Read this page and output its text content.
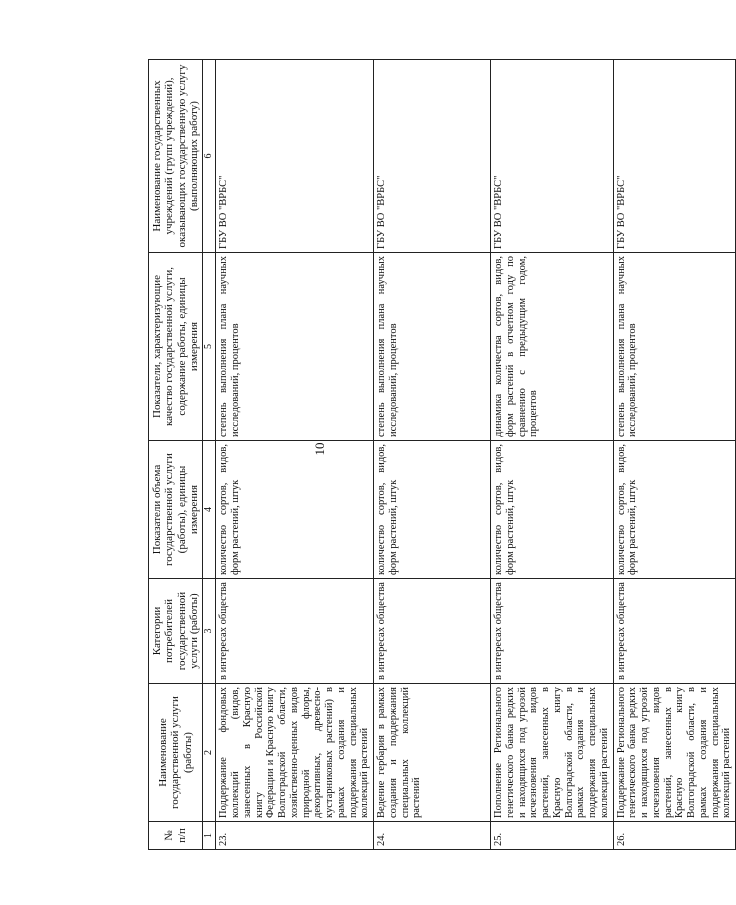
10
№ п/п	Наименование государственной услуги (работы)	Категории потребителей государственной услуги (работы)	Показатели объема государственной услуги (работы), единицы измерения	Показатели, характеризующие качество государственной услуги, содержание работы, единицы измерения	Наименование государственных учреждений (групп учреждений), оказывающих государственную услугу (выполняющих работу)
1	2	3	4	5	6
23.	Поддержание фондовых коллекций (видов, занесенных в Красную книгу Российской Федерации и Красную книгу Волгоградской области, хозяйственно-ценных видов природной флоры, декоративных, древесно-кустарниковых растений) в рамках создания и поддержания специальных коллекций растений	в интересах общества	количество сортов, видов, форм растений, штук	степень выполнения плана научных исследований, процентов	ГБУ ВО "ВРБС"
24.	Ведение гербария в рамках создания и поддержания специальных коллекций растений	в интересах общества	количество сортов, видов, форм растений, штук	степень выполнения плана научных исследований, процентов	ГБУ ВО "ВРБС"
25.	Пополнение Регионального генетического банка редких и находящихся под угрозой исчезновения видов растений, занесенных в Красную книгу Волгоградской области, в рамках создания и поддержания специальных коллекций растений	в интересах общества	количество сортов, видов, форм растений, штук	динамика количества сортов, видов, форм растений в отчетном году по сравнению с предыдущим годом, процентов	ГБУ ВО "ВРБС"
26.	Поддержание Регионального генетического банка редких и находящихся под угрозой исчезновения видов растений, занесенных в Красную книгу Волгоградской области, в рамках создания и поддержания специальных коллекций растений	в интересах общества	количество сортов, видов, форм растений, штук	степень выполнения плана научных исследований, процентов	ГБУ ВО "ВРБС"
